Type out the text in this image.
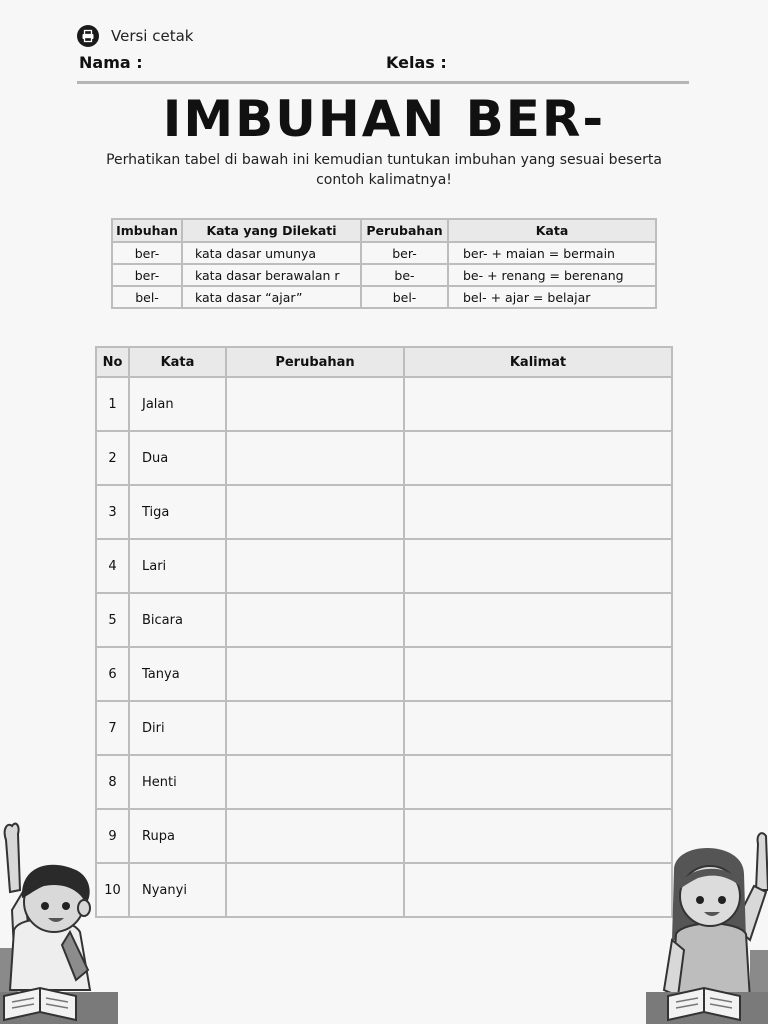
Versi cetak
Nama :	Kelas :
IMBUHAN BER-
Perhatikan tabel di bawah ini kemudian tuntukan imbuhan yang sesuai beserta contoh kalimatnya!
Imbuhan	Kata yang Dilekati	Perubahan	Kata
ber-	kata dasar umunya	ber-	ber- + maian = bermain
ber-	kata dasar berawalan r	be-	be- + renang = berenang
bel-	kata dasar “ajar”	bel-	bel- + ajar = belajar
No	Kata	Perubahan	Kalimat
1	Jalan		
2	Dua		
3	Tiga		
4	Lari		
5	Bicara		
6	Tanya		
7	Diri		
8	Henti		
9	Rupa		
10	Nyanyi		
